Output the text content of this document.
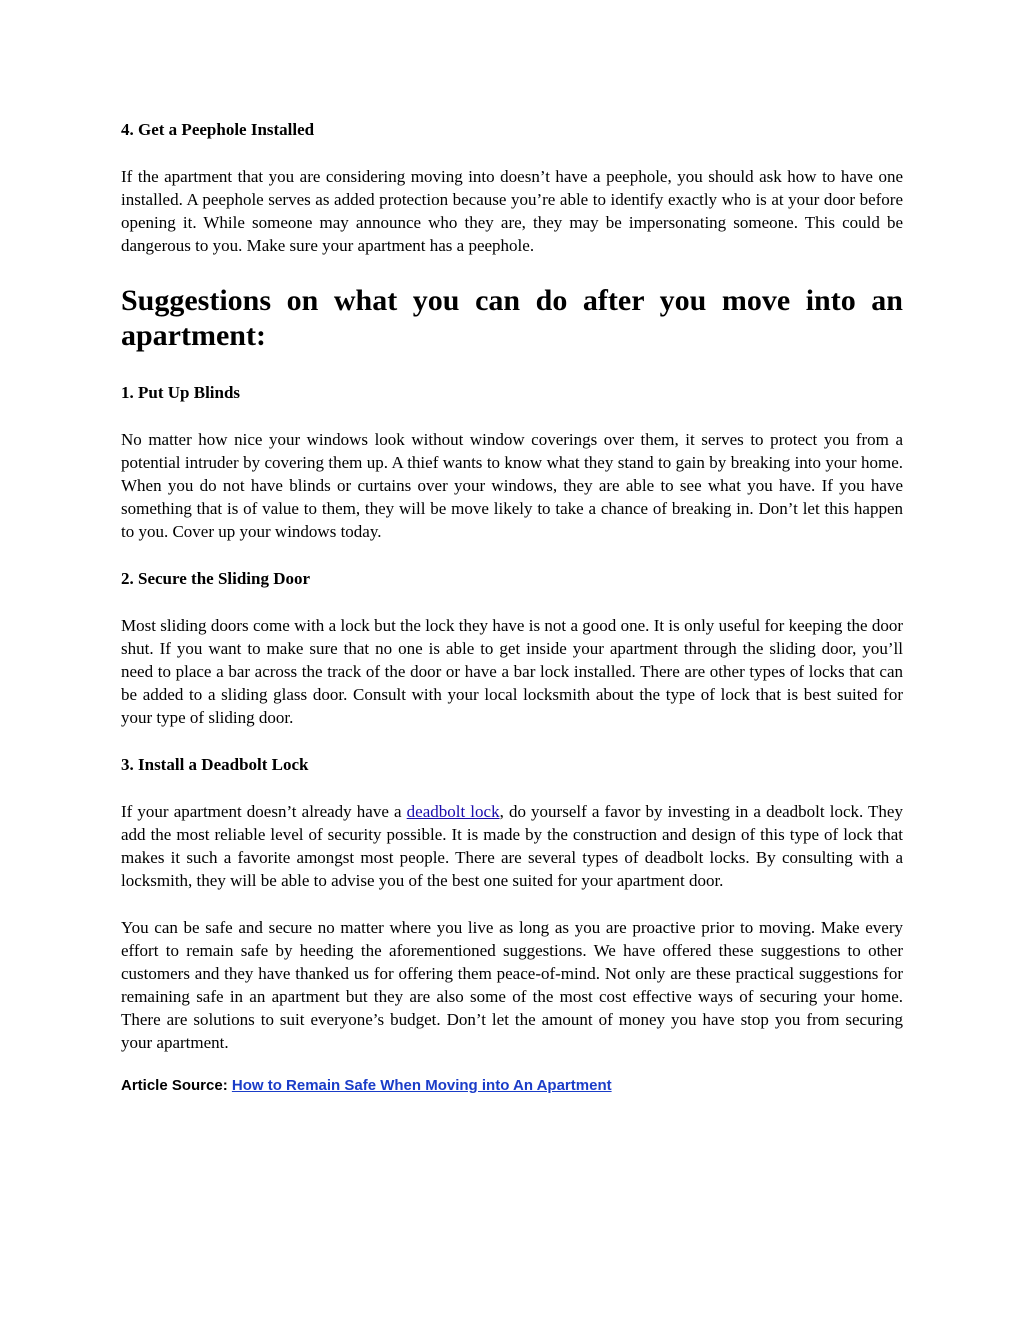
4. Get a Peephole Installed

If the apartment that you are considering moving into doesn’t have a peephole, you should ask how to have one installed. A peephole serves as added protection because you’re able to identify exactly who is at your door before opening it. While someone may announce who they are, they may be impersonating someone. This could be dangerous to you. Make sure your apartment has a peephole.

Suggestions on what you can do after you move into an apartment:

1. Put Up Blinds

No matter how nice your windows look without window coverings over them, it serves to protect you from a potential intruder by covering them up. A thief wants to know what they stand to gain by breaking into your home. When you do not have blinds or curtains over your windows, they are able to see what you have. If you have something that is of value to them, they will be move likely to take a chance of breaking in. Don’t let this happen to you. Cover up your windows today.

2. Secure the Sliding Door

Most sliding doors come with a lock but the lock they have is not a good one. It is only useful for keeping the door shut. If you want to make sure that no one is able to get inside your apartment through the sliding door, you’ll need to place a bar across the track of the door or have a bar lock installed. There are other types of locks that can be added to a sliding glass door. Consult with your local locksmith about the type of lock that is best suited for your type of sliding door.

3. Install a Deadbolt Lock

If your apartment doesn’t already have a deadbolt lock, do yourself a favor by investing in a deadbolt lock. They add the most reliable level of security possible. It is made by the construction and design of this type of lock that makes it such a favorite amongst most people. There are several types of deadbolt locks. By consulting with a locksmith, they will be able to advise you of the best one suited for your apartment door.

You can be safe and secure no matter where you live as long as you are proactive prior to moving. Make every effort to remain safe by heeding the aforementioned suggestions. We have offered these suggestions to other customers and they have thanked us for offering them peace-of-mind. Not only are these practical suggestions for remaining safe in an apartment but they are also some of the most cost effective ways of securing your home. There are solutions to suit everyone’s budget. Don’t let the amount of money you have stop you from securing your apartment.

Article Source: How to Remain Safe When Moving into An Apartment
